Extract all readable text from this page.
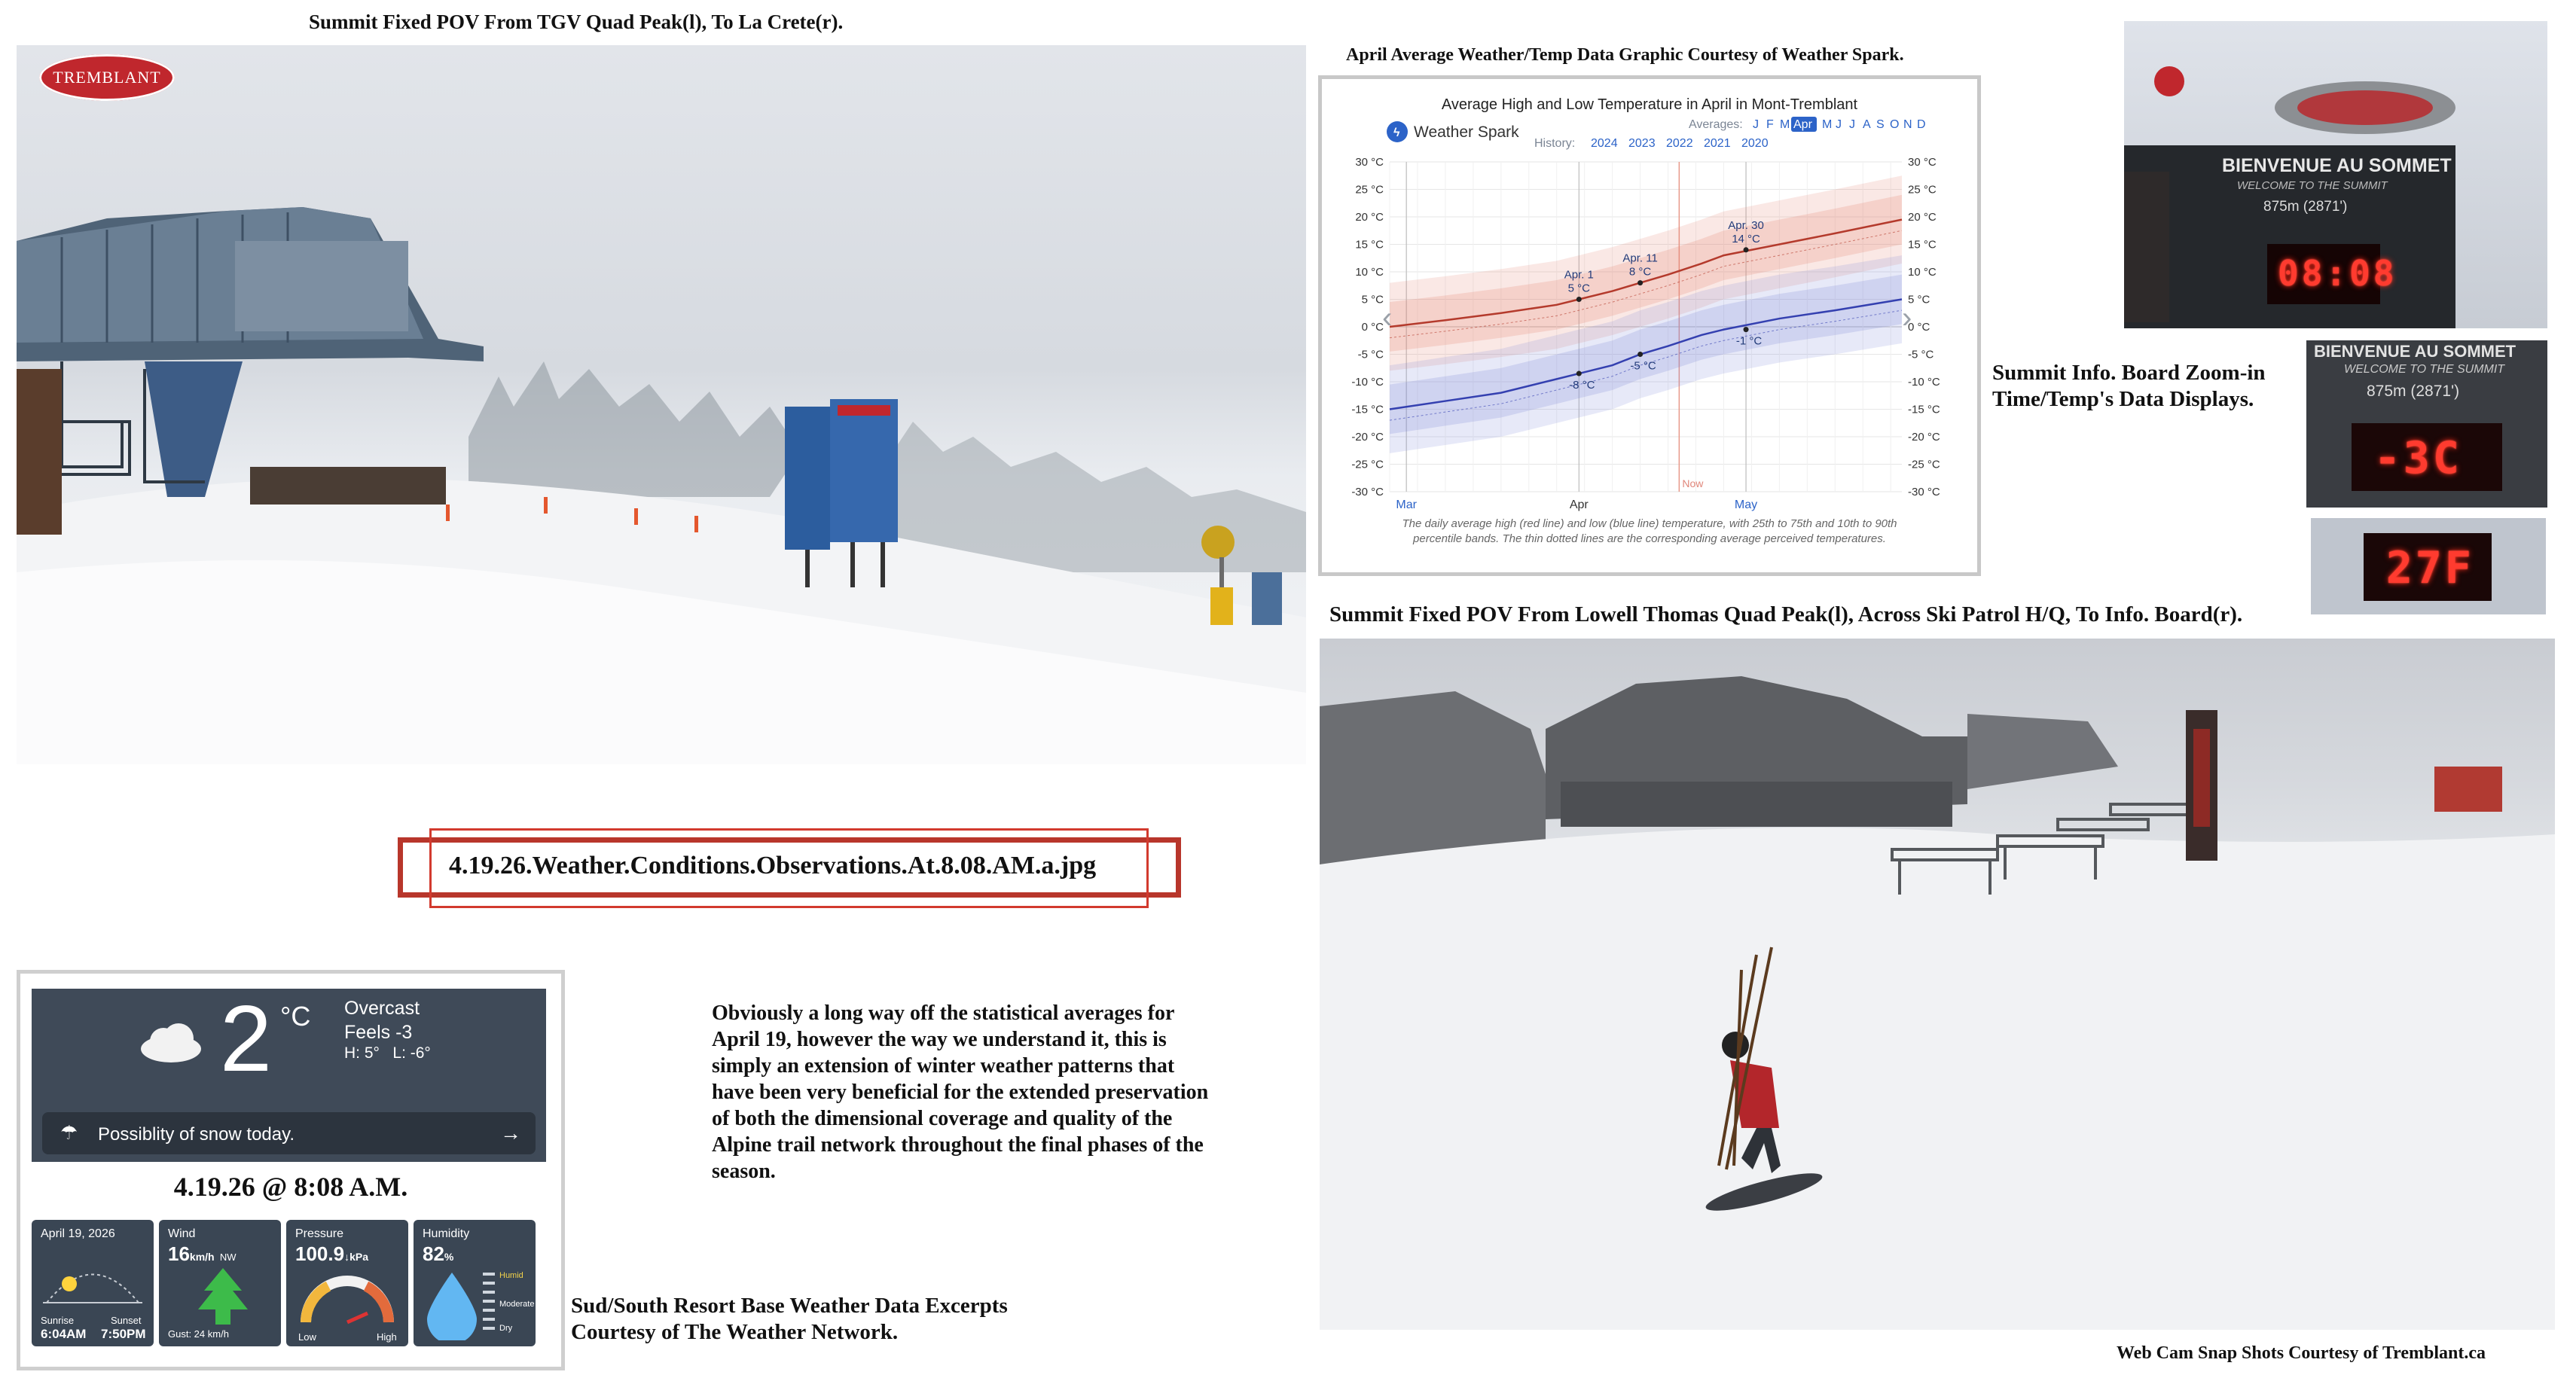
Summit Fixed POV From TGV Quad Peak(l), To La Crete(r).
TREMBLANT
April Average Weather/Temp Data Graphic Courtesy of Weather Spark.
Average High and Low Temperature in April in Mont-Tremblant
ϟ Weather Spark	Averages: J F M Apr M J J A S O N D
History: 2024 2023 2022 2021 2020
30 °C
25 °C
20 °C
15 °C
10 °C
5 °C
0 °C
-5 °C
-10 °C
-15 °C
-20 °C
-25 °C
-30 °C
30 °C
25 °C
20 °C
15 °C
10 °C
5 °C
0 °C
-5 °C
-10 °C
-15 °C
-20 °C
-25 °C
-30 °C
Mar	Apr	May
Now
Apr. 1
5 °C
Apr. 11
8 °C
Apr. 30
14 °C
-8 °C
-5 °C
-1 °C
‹	›
The daily average high (red line) and low (blue line) temperature, with 25th to 75th and 10th to 90th
percentile bands. The thin dotted lines are the corresponding average perceived temperatures.
BIENVENUE AU SOMMET
WELCOME TO THE SUMMIT
875m (2871')
08:08
BIENVENUE AU SOMMET
WELCOME TO THE SUMMIT
875m (2871')
-3C
27F
Summit Info. Board Zoom-in Time/Temp's Data Displays.
Summit Fixed POV From Lowell Thomas Quad Peak(l), Across Ski Patrol H/Q, To Info. Board(r).
4.19.26.Weather.Conditions.Observations.At.8.08.AM.a.jpg
2 °C Overcast
Feels -3
H: 5°   L: -6°
☂ Possiblity of snow today.	→
4.19.26 @ 8:08 A.M.
April 19, 2026
Sunrise	Sunset
6:04AM 7:50PM
Wind
16km/h NW
Gust: 24 km/h
Pressure
100.9↓kPa
Low	High
Humidity
82%
Humid
Moderate
Dry
Obviously a long way off the statistical averages for April 19, however the way we understand it, this is simply an extension of winter weather patterns that have been very beneficial for the extended preservation of both the dimensional coverage and quality of the Alpine trail network throughout the final phases of the season.
Sud/South Resort Base Weather Data Excerpts Courtesy of The Weather Network.
Web Cam Snap Shots Courtesy of Tremblant.ca
